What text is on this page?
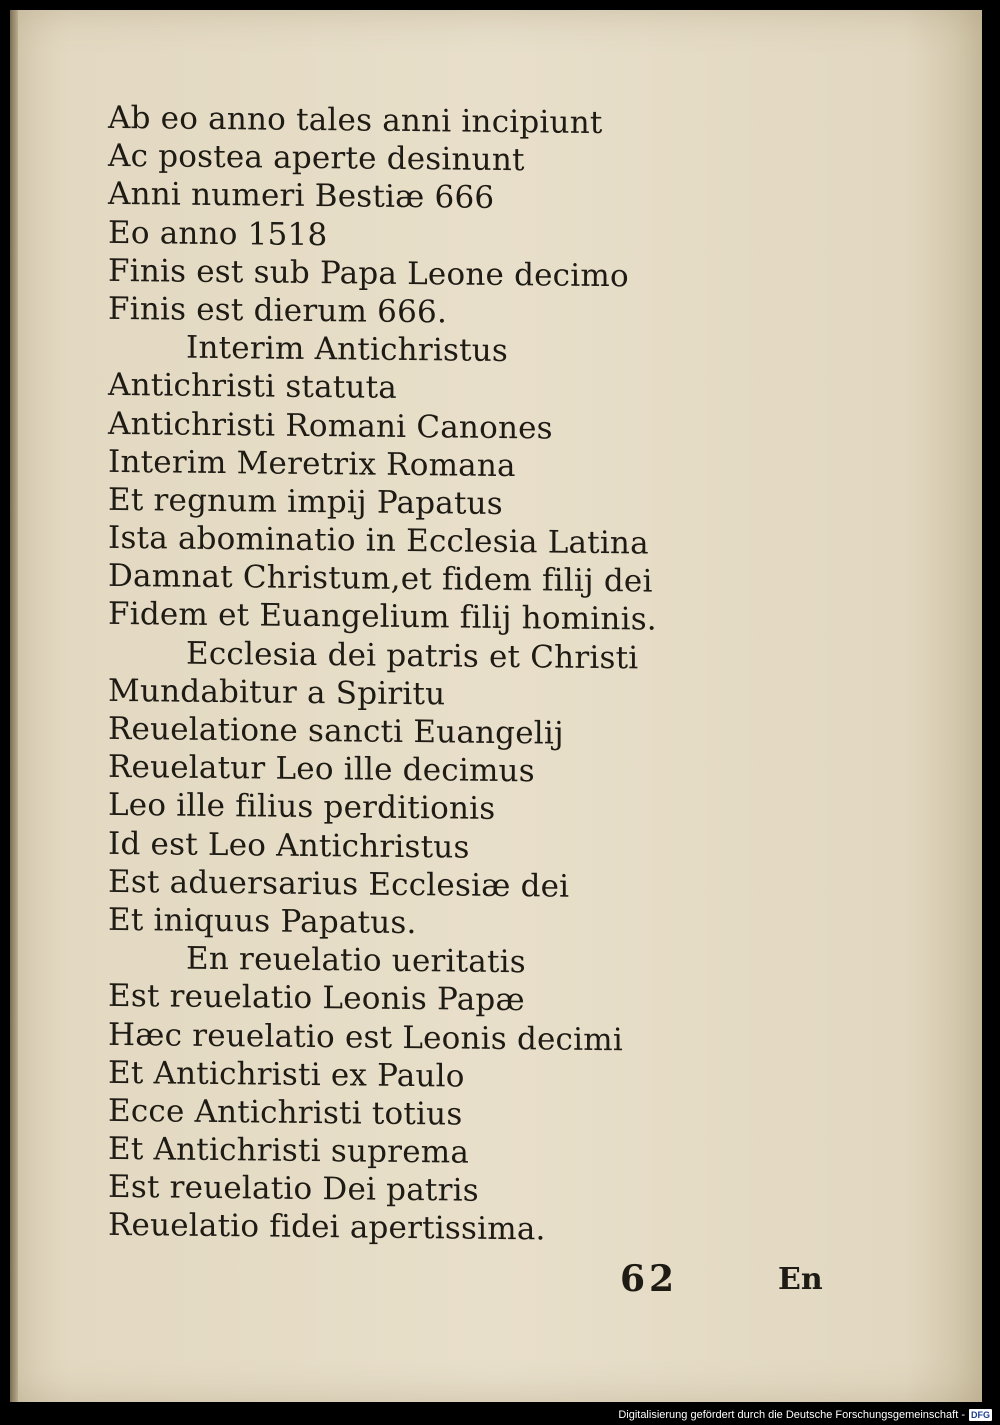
Ab eo anno tales anni incipiunt
Ac postea aperte desinunt
Anni numeri Bestiæ 666
Eo anno 1518
Finis est sub Papa Leone decimo
Finis est dierum 666.
Interim Antichristus
Antichristi statuta
Antichristi Romani Canones
Interim Meretrix Romana
Et regnum impij Papatus
Ista abominatio in Ecclesia Latina
Damnat Christum,et fidem filij dei
Fidem et Euangelium filij hominis.
Ecclesia dei patris et Christi
Mundabitur a Spiritu
Reuelatione sancti Euangelij
Reuelatur Leo ille decimus
Leo ille filius perditionis
Id est Leo Antichristus
Est aduersarius Ecclesiæ dei
Et iniquus Papatus.
En reuelatio ueritatis
Est reuelatio Leonis Papæ
Hæc reuelatio est Leonis decimi
Et Antichristi ex Paulo
Ecce Antichristi totius
Et Antichristi suprema
Est reuelatio Dei patris
Reuelatio fidei apertissima.
62	En
Digitalisierung gefördert durch die Deutsche Forschungsgemeinschaft - DFG
